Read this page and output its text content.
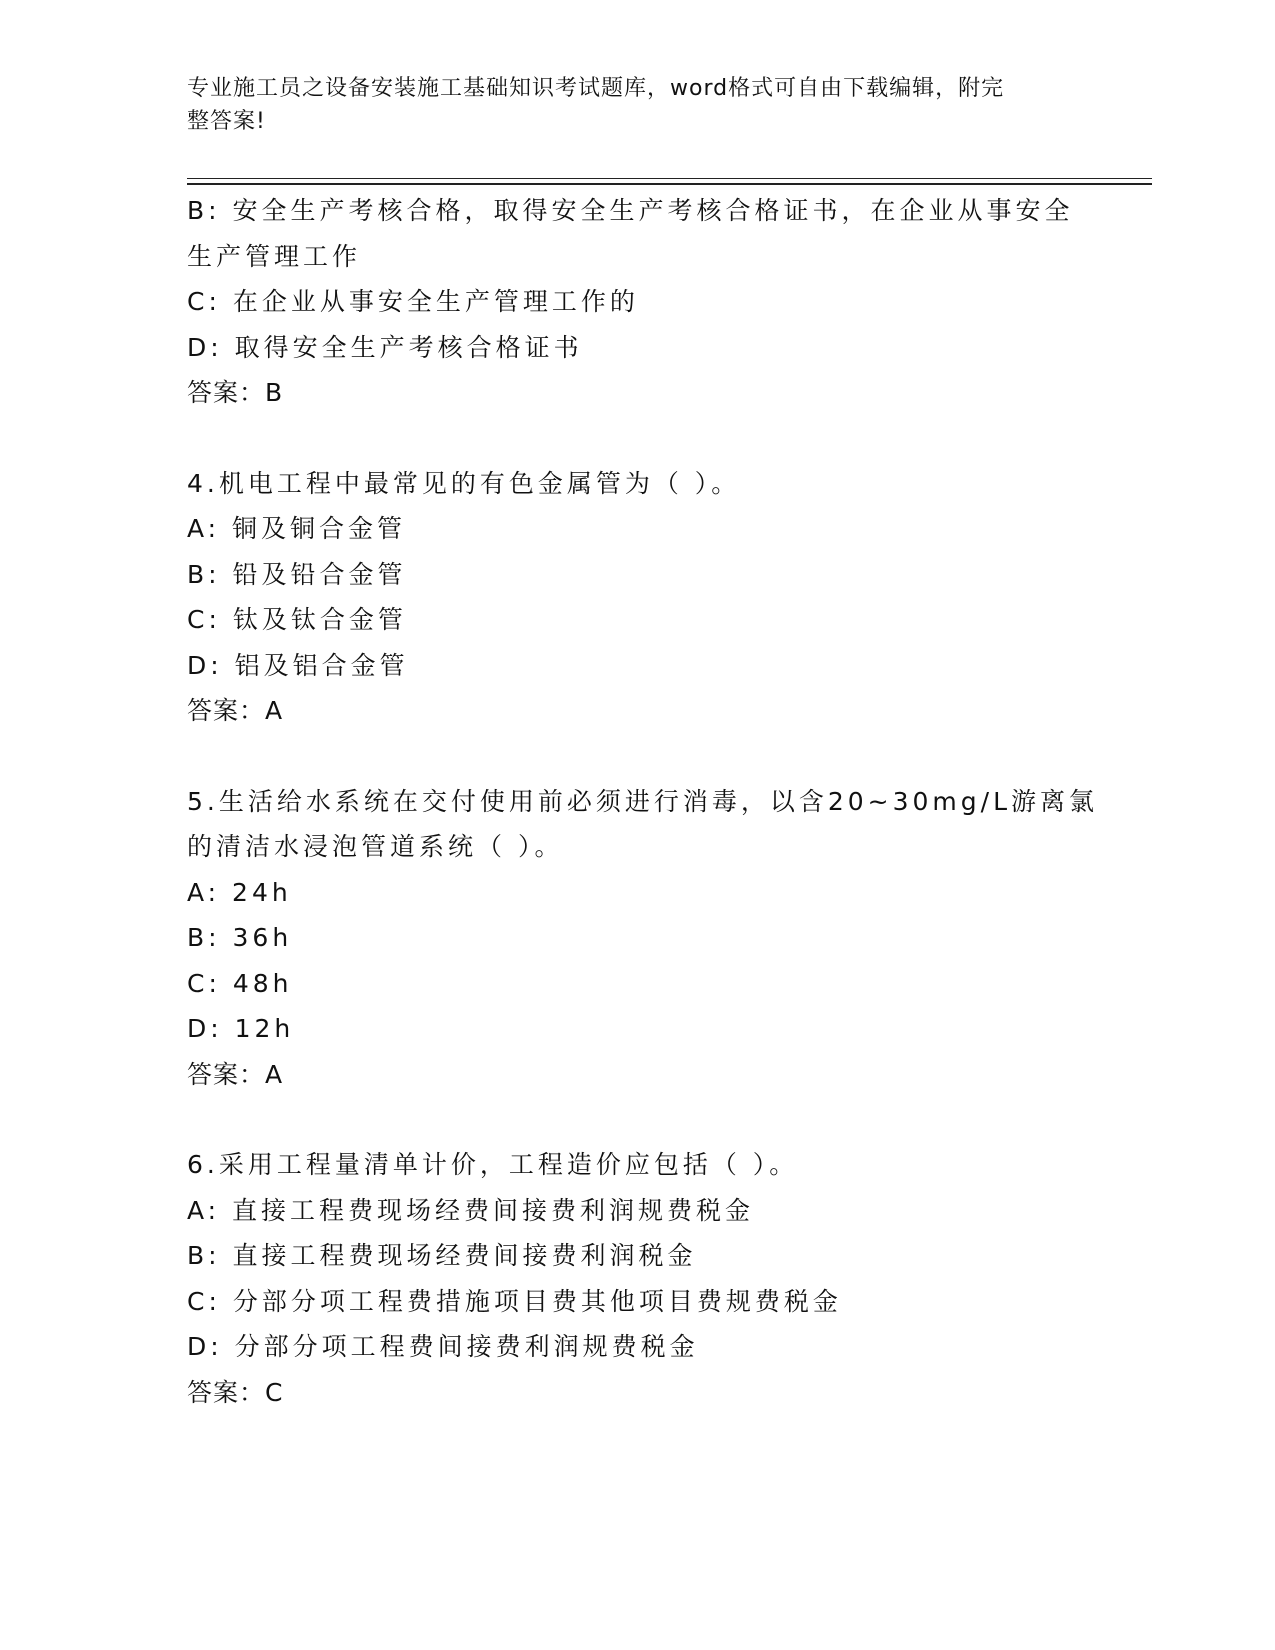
专业施工员之设备安装施工基础知识考试题库，word格式可自由下载编辑，附完
整答案!
B: 安全生产考核合格，取得安全生产考核合格证书，在企业从事安全
生产管理工作
C: 在企业从事安全生产管理工作的
D: 取得安全生产考核合格证书
答案：B
4.机电工程中最常见的有色金属管为（ ）。
A: 铜及铜合金管
B: 铅及铅合金管
C: 钛及钛合金管
D: 铝及铝合金管
答案：A
5.生活给水系统在交付使用前必须进行消毒，以含20~30mg/L游离氯
的清洁水浸泡管道系统（ ）。
A: 24h
B: 36h
C: 48h
D: 12h
答案：A
6.采用工程量清单计价，工程造价应包括（ ）。
A: 直接工程费现场经费间接费利润规费税金
B: 直接工程费现场经费间接费利润税金
C: 分部分项工程费措施项目费其他项目费规费税金
D: 分部分项工程费间接费利润规费税金
答案：C
